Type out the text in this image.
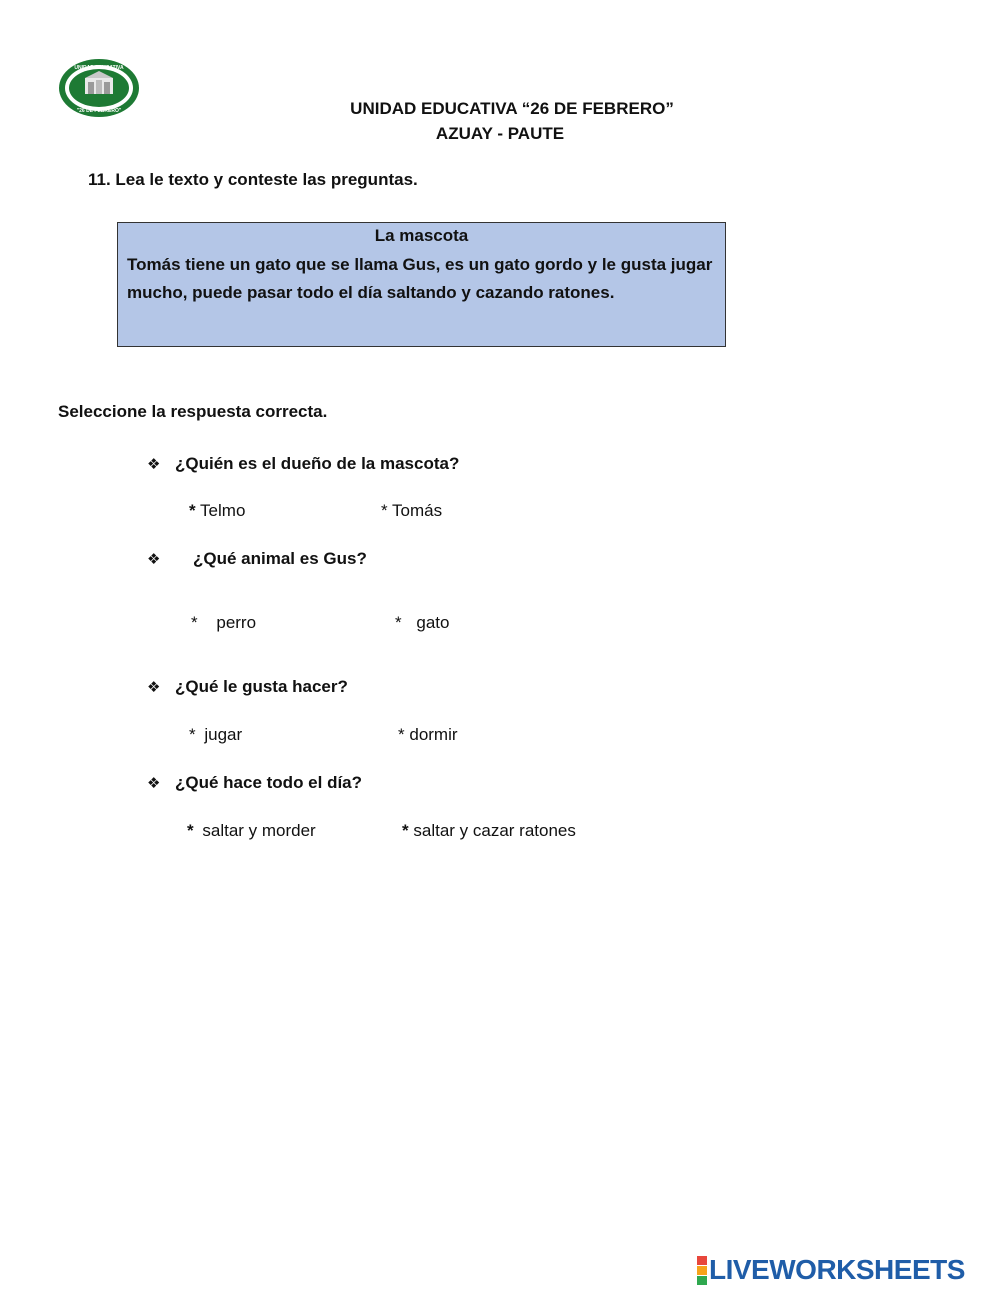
UNIDAD EDUCATIVA
"26 DE FEBRERO"	UNIDAD EDUCATIVA “26 DE FEBRERO”
AZUAY - PAUTE
11. Lea le texto y conteste las preguntas.
La mascota
Tomás tiene un gato que se llama Gus, es un gato gordo y le gusta jugar mucho, puede pasar todo el día saltando y cazando ratones.
Seleccione la respuesta correcta.
❖ ¿Quién es el dueño de la mascota?
* Telmo	* Tomás
❖	¿Qué animal es Gus?
* perro	* gato
❖ ¿Qué le gusta hacer?
* jugar	* dormir
❖ ¿Qué hace todo el día?
* saltar y morder	* saltar y cazar ratones
LIVEWORKSHEETS
